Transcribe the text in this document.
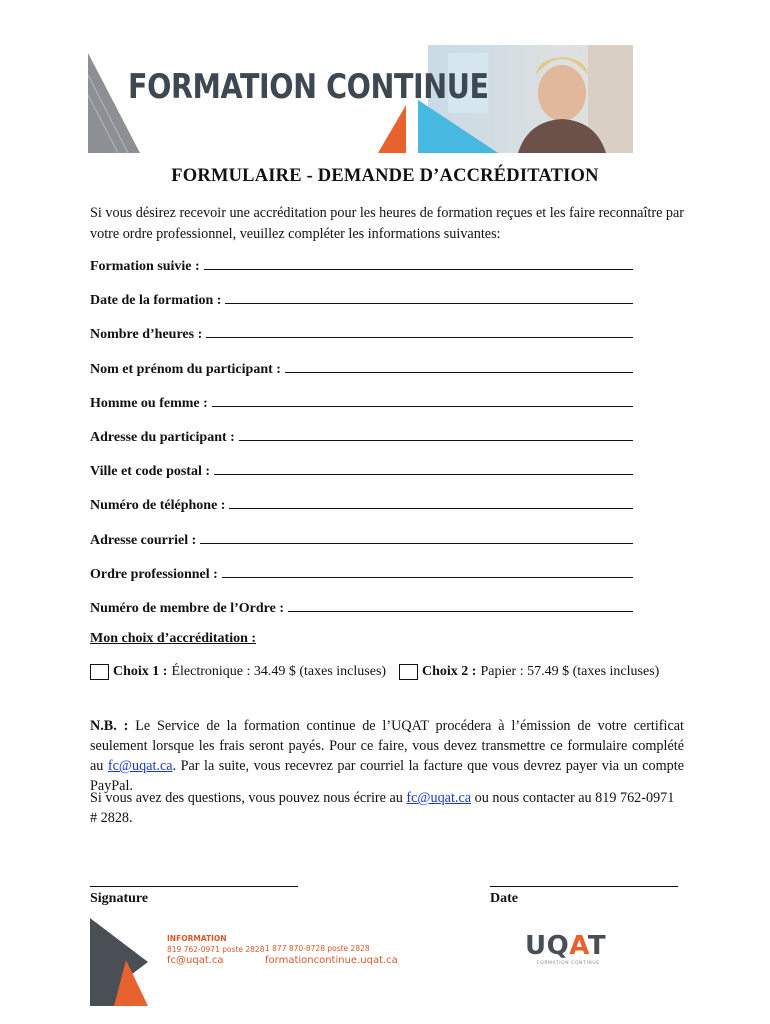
FORMATION CONTINUE
FORMULAIRE - DEMANDE D’ACCRÉDITATION
Si vous désirez recevoir une accréditation pour les heures de formation reçues et les faire reconnaître par votre ordre professionnel, veuillez compléter les informations suivantes:
Formation suivie :
Date de la formation :
Nombre d’heures :
Nom et prénom du participant :
Homme ou femme :
Adresse du participant :
Ville et code postal :
Numéro de téléphone :
Adresse courriel :
Ordre professionnel :
Numéro de membre de l’Ordre :
Mon choix d’accréditation :
Choix 1 : Électronique : 34.49 $ (taxes incluses)	Choix 2 : Papier : 57.49 $ (taxes incluses)
N.B. : Le Service de la formation continue de l’UQAT procédera à l’émission de votre certificat seulement lorsque les frais seront payés. Pour ce faire, vous devez transmettre ce formulaire complété au fc@uqat.ca. Par la suite, vous recevrez par courriel la facture que vous devrez payer via un compte PayPal.
Si vous avez des questions, vous pouvez nous écrire au fc@uqat.ca ou nous contacter au 819 762-0971 # 2828.
Signature	Date
INFORMATION
819 762-0971 poste 2828
fc@uqat.ca
1 877 870-8728 poste 2828
formationcontinue.uqat.ca	UQAT
FORMATION CONTINUE
